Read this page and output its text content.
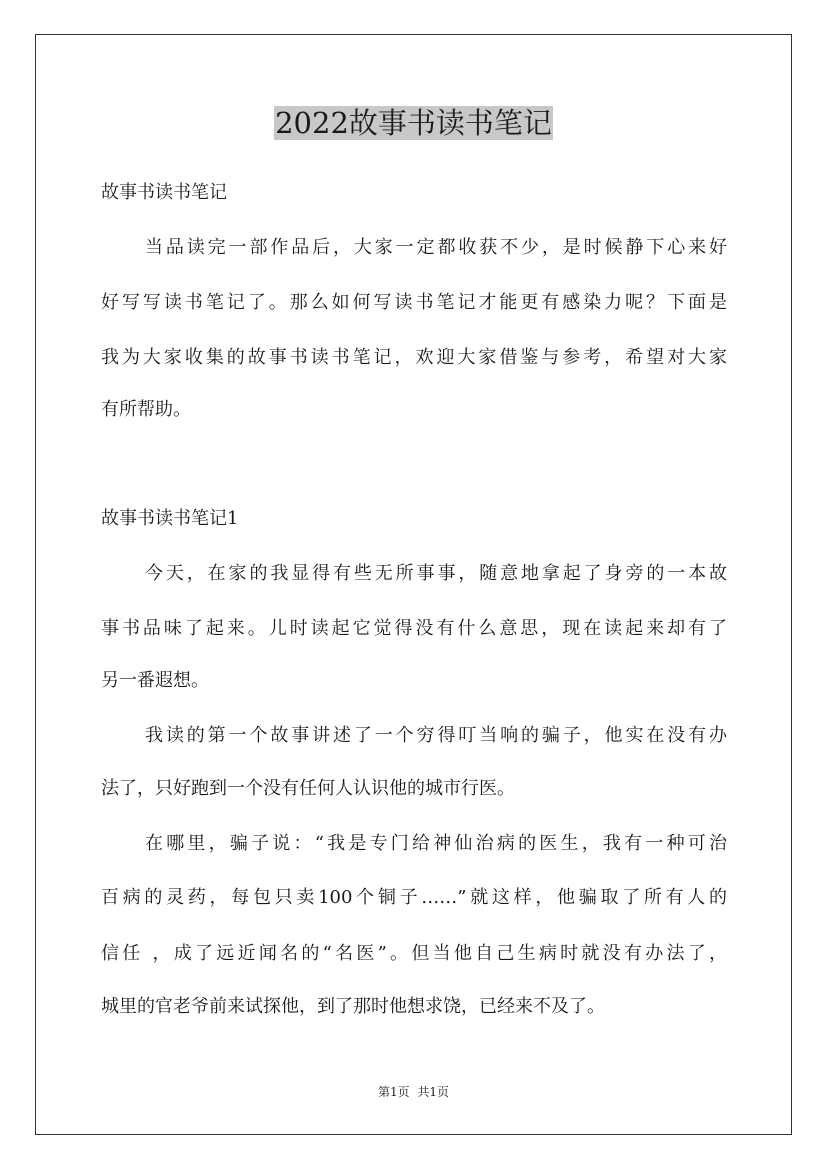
2022故事书读书笔记
故事书读书笔记
当品读完一部作品后，大家一定都收获不少，是时候静下心来好
好写写读书笔记了。那么如何写读书笔记才能更有感染力呢？下面是
我为大家收集的故事书读书笔记，欢迎大家借鉴与参考，希望对大家
有所帮助。
故事书读书笔记1
今天，在家的我显得有些无所事事，随意地拿起了身旁的一本故
事书品味了起来。儿时读起它觉得没有什么意思，现在读起来却有了
另一番遐想。
我读的第一个故事讲述了一个穷得叮当响的骗子，他实在没有办
法了，只好跑到一个没有任何人认识他的城市行医。
在哪里，骗子说：“我是专门给神仙治病的医生，我有一种可治
百病的灵药，每包只卖100个铜子……”就这样，他骗取了所有人的
信任 ，成了远近闻名的“名医”。但当他自己生病时就没有办法了，
城里的官老爷前来试探他，到了那时他想求饶，已经来不及了。
第1页 共1页
